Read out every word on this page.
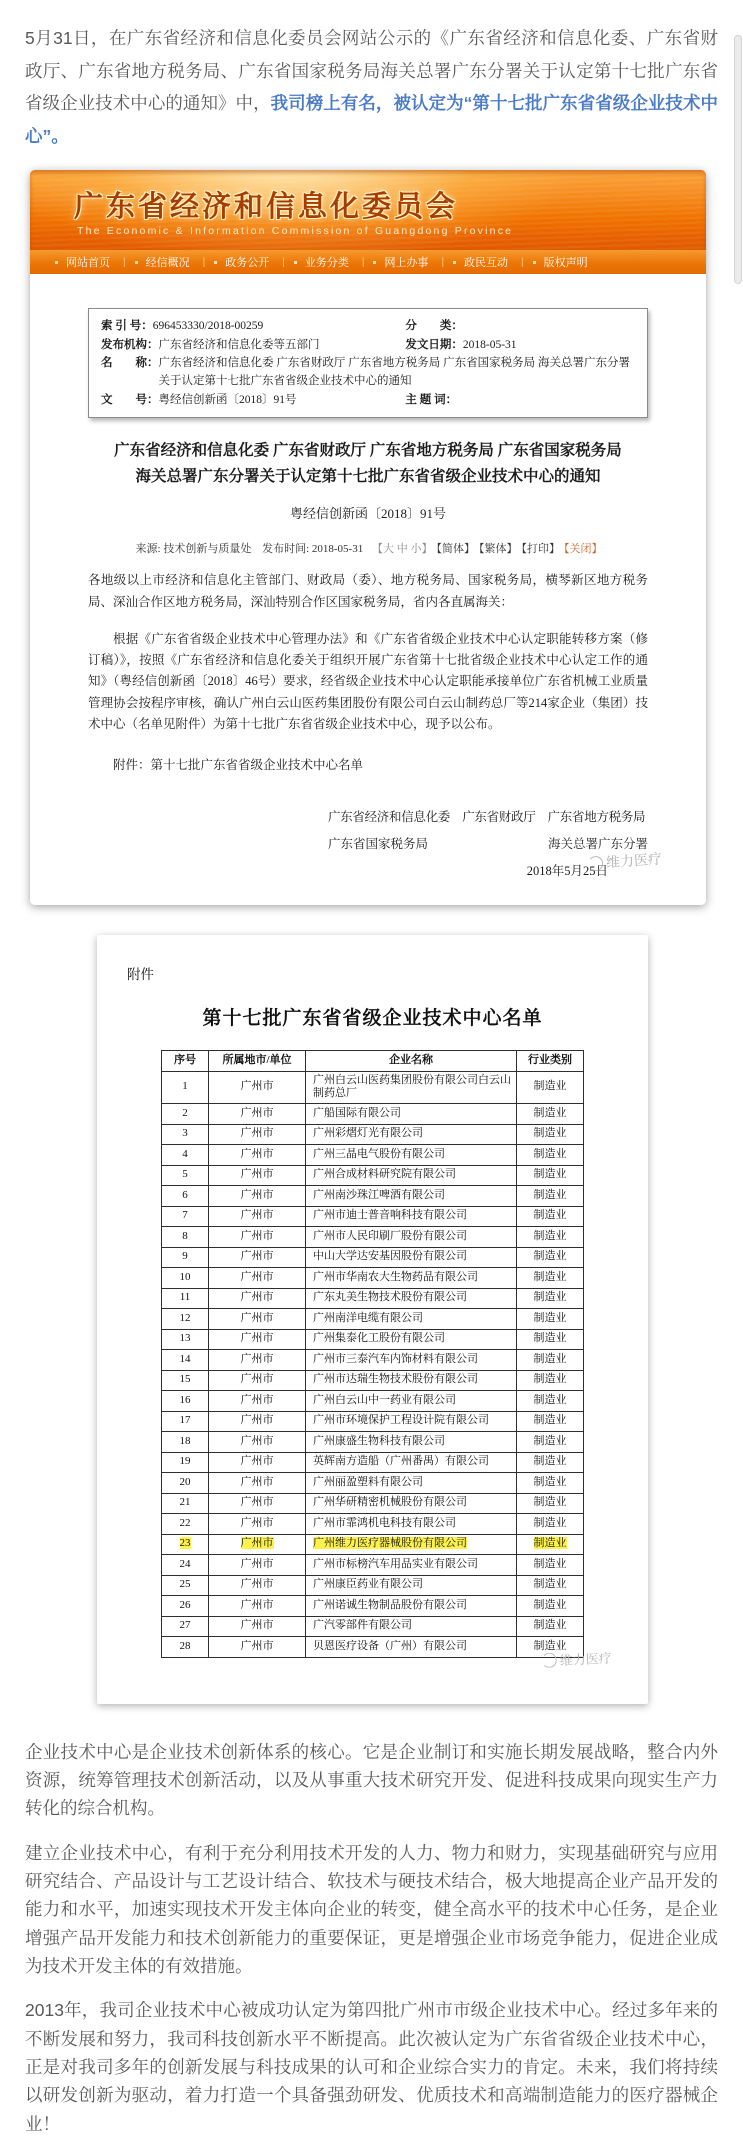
5月31日，在广东省经济和信息化委员会网站公示的《广东省经济和信息化委、广东省财政厅、广东省地方税务局、广东省国家税务局海关总署广东分署关于认定第十七批广东省省级企业技术中心的通知》中，我司榜上有名，被认定为“第十七批广东省省级企业技术中心”。

广东省经济和信息化委员会
The Economic & Information Commission of Guangdong Province
网站首页
|	经信概况
|	政务公开
|	业务分类
|	网上办事
|	政民互动
|	版权声明
索 引 号： 696453330/2018-00259	分　　类：
发布机构： 广东省经济和信息化委等五部门	发文日期： 2018-05-31
名　　称： 广东省经济和信息化委 广东省财政厅 广东省地方税务局 广东省国家税务局 海关总署广东分署关于认定第十七批广东省省级企业技术中心的通知
文　　号： 粤经信创新函〔2018〕91号	主 题 词：
广东省经济和信息化委 广东省财政厅 广东省地方税务局 广东省国家税务局
海关总署广东分署关于认定第十七批广东省省级企业技术中心的通知
粤经信创新函〔2018〕91号
来源: 技术创新与质量处 发布时间: 2018-05-31 【大 中 小】 【简体】 【繁体】 【打印】 【关闭】

各地级以上市经济和信息化主管部门、财政局（委）、地方税务局、国家税务局，横琴新区地方税务局、深汕合作区地方税务局，深汕特别合作区国家税务局，省内各直属海关：

根据《广东省省级企业技术中心管理办法》和《广东省省级企业技术中心认定职能转移方案（修订稿）》，按照《广东省经济和信息化委关于组织开展广东省第十七批省级企业技术中心认定工作的通知》（粤经信创新函〔2018〕46号）要求，经省级企业技术中心认定职能承接单位广东省机械工业质量管理协会按程序审核，确认广州白云山医药集团股份有限公司白云山制药总厂等214家企业（集团）技术中心（名单见附件）为第十七批广东省省级企业技术中心，现予以公布。

附件：第十七批广东省省级企业技术中心名单

广东省经济和信息化委　广东省财政厅　广东省地方税务局
广东省国家税务局	海关总署广东分署
维力医疗
2018年5月25日
附件
第十七批广东省省级企业技术中心名单
序号	所属地市/单位	企业名称	行业类别
1	广州市	广州白云山医药集团股份有限公司白云山制药总厂	制造业
2	广州市	广船国际有限公司	制造业
3	广州市	广州彩熠灯光有限公司	制造业
4	广州市	广州三晶电气股份有限公司	制造业
5	广州市	广州合成材料研究院有限公司	制造业
6	广州市	广州南沙珠江啤酒有限公司	制造业
7	广州市	广州市迪士普音响科技有限公司	制造业
8	广州市	广州市人民印刷厂股份有限公司	制造业
9	广州市	中山大学达安基因股份有限公司	制造业
10	广州市	广州市华南农大生物药品有限公司	制造业
11	广州市	广东丸美生物技术股份有限公司	制造业
12	广州市	广州南洋电缆有限公司	制造业
13	广州市	广州集泰化工股份有限公司	制造业
14	广州市	广州市三泰汽车内饰材料有限公司	制造业
15	广州市	广州市达瑞生物技术股份有限公司	制造业
16	广州市	广州白云山中一药业有限公司	制造业
17	广州市	广州市环境保护工程设计院有限公司	制造业
18	广州市	广州康盛生物科技有限公司	制造业
19	广州市	英辉南方造船（广州番禺）有限公司	制造业
20	广州市	广州丽盈塑料有限公司	制造业
21	广州市	广州华研精密机械股份有限公司	制造业
22	广州市	广州市霏鸿机电科技有限公司	制造业
23	广州市	广州维力医疗器械股份有限公司	制造业
24	广州市	广州市标榜汽车用品实业有限公司	制造业
25	广州市	广州康臣药业有限公司	制造业
26	广州市	广州诺诚生物制品股份有限公司	制造业
27	广州市	广汽零部件有限公司	制造业
28	广州市	贝恩医疗设备（广州）有限公司	制造业
维力医疗

企业技术中心是企业技术创新体系的核心。它是企业制订和实施长期发展战略，整合内外资源，统筹管理技术创新活动，以及从事重大技术研究开发、促进科技成果向现实生产力转化的综合机构。

建立企业技术中心，有利于充分利用技术开发的人力、物力和财力，实现基础研究与应用研究结合、产品设计与工艺设计结合、软技术与硬技术结合，极大地提高企业产品开发的能力和水平，加速实现技术开发主体向企业的转变，健全高水平的技术中心任务，是企业增强产品开发能力和技术创新能力的重要保证，更是增强企业市场竞争能力，促进企业成为技术开发主体的有效措施。

2013年，我司企业技术中心被成功认定为第四批广州市市级企业技术中心。经过多年来的不断发展和努力，我司科技创新水平不断提高。此次被认定为广东省省级企业技术中心，正是对我司多年的创新发展与科技成果的认可和企业综合实力的肯定。未来，我们将持续以研发创新为驱动，着力打造一个具备强劲研发、优质技术和高端制造能力的医疗器械企业！
